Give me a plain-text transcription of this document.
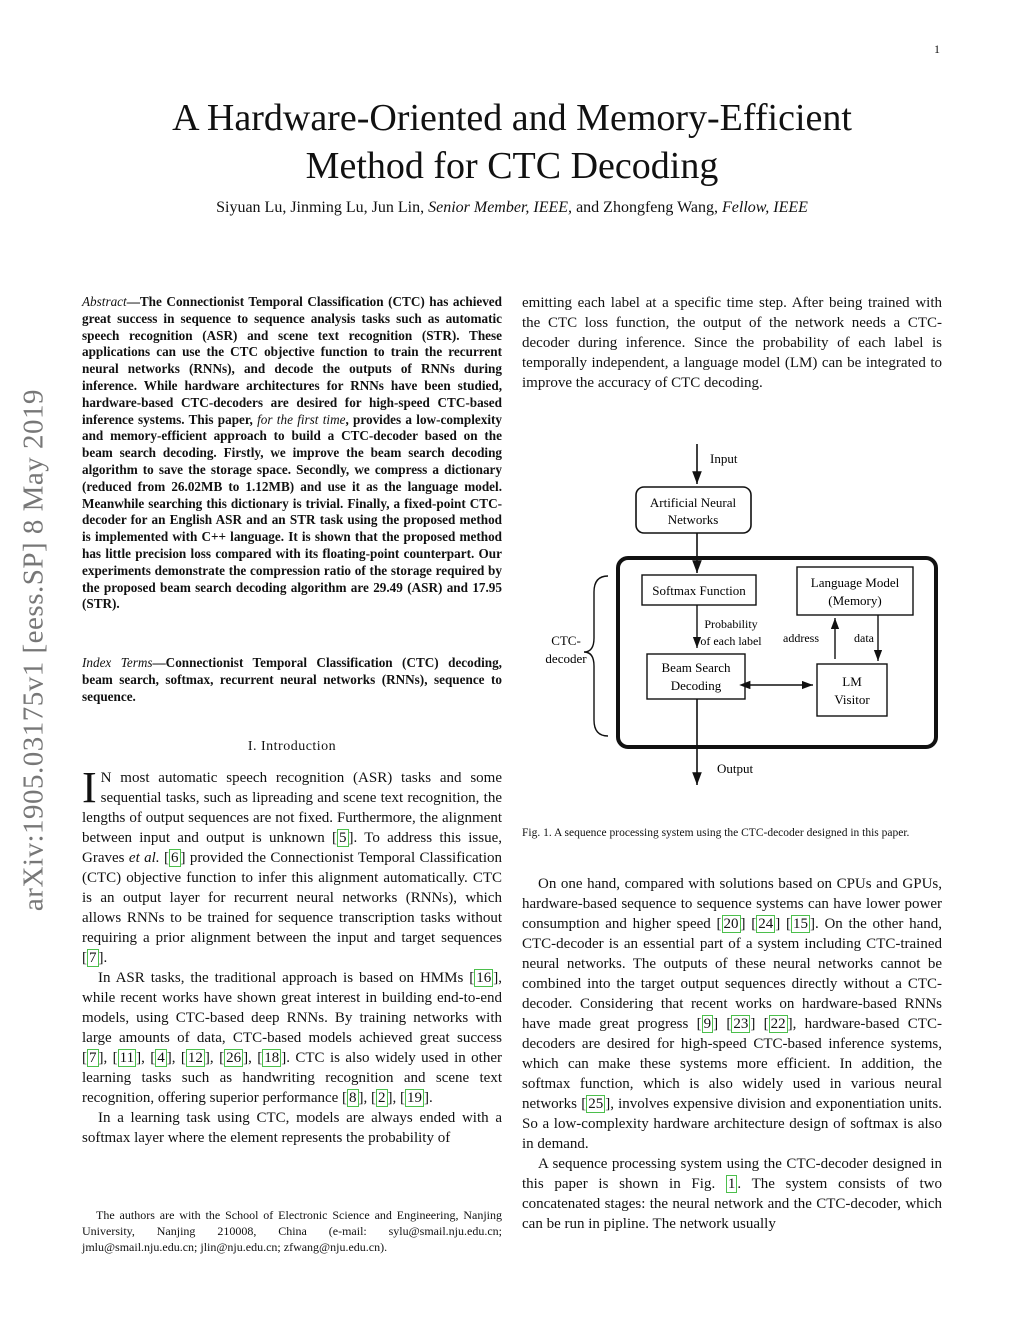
1
A Hardware-Oriented and Memory-Efficient
Method for CTC Decoding
Siyuan Lu, Jinming Lu, Jun Lin, Senior Member, IEEE, and Zhongfeng Wang, Fellow, IEEE
arXiv:1905.03175v1 [eess.SP] 8 May 2019
Abstract—The Connectionist Temporal Classification (CTC) has achieved great success in sequence to sequence analysis tasks such as automatic speech recognition (ASR) and scene text recognition (STR). These applications can use the CTC objective function to train the recurrent neural networks (RNNs), and decode the outputs of RNNs during inference. While hardware architectures for RNNs have been studied, hardware-based CTC-decoders are desired for high-speed CTC-based inference systems. This paper, for the first time, provides a low-complexity and memory-efficient approach to build a CTC-decoder based on the beam search decoding. Firstly, we improve the beam search decoding algorithm to save the storage space. Secondly, we compress a dictionary (reduced from 26.02MB to 1.12MB) and use it as the language model. Meanwhile searching this dictionary is trivial. Finally, a fixed-point CTC-decoder for an English ASR and an STR task using the proposed method is implemented with C++ language. It is shown that the proposed method has little precision loss compared with its floating-point counterpart. Our experiments demonstrate the compression ratio of the storage required by the proposed beam search decoding algorithm are 29.49 (ASR) and 17.95 (STR).
Index Terms—Connectionist Temporal Classification (CTC) decoding, beam search, softmax, recurrent neural networks (RNNs), sequence to sequence.
I. Introduction

I N most automatic speech recognition (ASR) tasks and some sequential tasks, such as lipreading and scene text recognition, the lengths of output sequences are not fixed. Furthermore, the alignment between input and output is unknown [ 5 ]. To address this issue, Graves et al. [ 6 ] provided the Connectionist Temporal Classification (CTC) objective function to infer this alignment automatically. CTC is an output layer for recurrent neural networks (RNNs), which allows RNNs to be trained for sequence transcription tasks without requiring a prior alignment between the input and target sequences [ 7 ].

In ASR tasks, the traditional approach is based on HMMs [ 16 ], while recent works have shown great interest in building end-to-end models, using CTC-based deep RNNs. By training networks with large amounts of data, CTC-based models achieved great success [ 7 ], [ 11 ], [ 4 ], [ 12 ], [ 26 ], [ 18 ]. CTC is also widely used in other learning tasks such as handwriting recognition and scene text recognition, offering superior performance [ 8 ], [ 2 ], [ 19 ].

In a learning task using CTC, models are always ended with a softmax layer where the element represents the probability of

The authors are with the School of Electronic Science and Engineering, Nanjing University, Nanjing 210008, China (e-mail: sylu@smail.nju.edu.cn; jmlu@smail.nju.edu.cn; jlin@nju.edu.cn; zfwang@nju.edu.cn).

emitting each label at a specific time step. After being trained with the CTC loss function, the output of the network needs a CTC-decoder during inference. Since the probability of each label is temporally independent, a language model (LM) can be integrated to improve the accuracy of CTC decoding.

Input
Artificial Neural
Networks
Softmax Function
Language Model
(Memory)
Probability
of each label address	data
Beam Search
Decoding	LM
Visitor
Output
CTC-
decoder
Fig. 1. A sequence processing system using the CTC-decoder designed in this paper.

On one hand, compared with solutions based on CPUs and GPUs, hardware-based sequence to sequence systems can have lower power consumption and higher speed [ 20 ] [ 24 ] [ 15 ]. On the other hand, CTC-decoder is an essential part of a system including CTC-trained neural networks. The outputs of these neural networks cannot be combined into the target output sequences directly without a CTC-decoder. Considering that recent works on hardware-based RNNs have made great progress [ 9 ] [ 23 ] [ 22 ], hardware-based CTC-decoders are desired for high-speed CTC-based inference systems, which can make these systems more efficient. In addition, the softmax function, which is also widely used in various neural networks [ 25 ], involves expensive division and exponentiation units. So a low-complexity hardware architecture design of softmax is also in demand.

A sequence processing system using the CTC-decoder designed in this paper is shown in Fig. 1 . The system consists of two concatenated stages: the neural network and the CTC-decoder, which can be run in pipline. The network usually
